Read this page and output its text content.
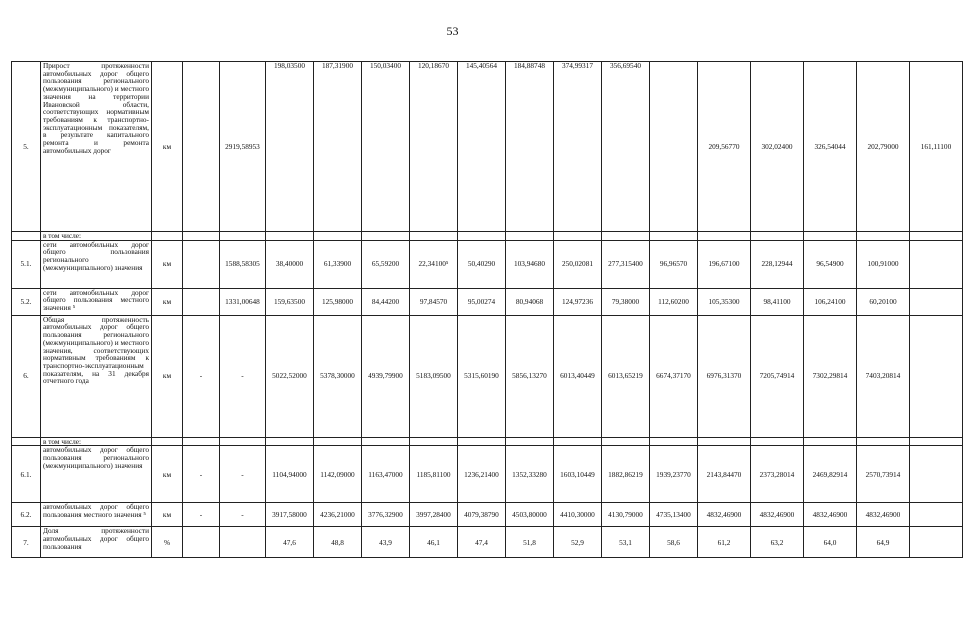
53
5.	Прирост протяженности автомобильных дорог общего пользования регионального (межмуниципального) и местного значения на территории Ивановской области, соответствующих нормативным требованиям к транспортно-эксплуатационным показателям, в результате капитального ремонта и ремонта автомобильных дорог	км		2919,58953	198,03500	187,31900	150,03400	120,18670	145,40564	184,88748	374,99317	356,69540		209,56770	302,02400	326,54044	202,79000	161,11100
	в том числе:																	
5.1.	сети автомобильных дорог общего пользования регионального (межмуниципального) значения	км		1588,58305	38,40000	61,33900	65,59200	22,34100⁵	50,40290	103,94680	250,02081	277,315400	96,96570	196,67100	228,12944	96,54900	100,91000	
5.2.	сети автомобильных дорог общего пользования местного значения ⁵	км		1331,00648	159,63500	125,98000	84,44200	97,84570	95,00274	80,94068	124,97236	79,38000	112,60200	105,35300	98,41100	106,24100	60,20100	
6.	Общая протяженность автомобильных дорог общего пользования регионального (межмуниципального) и местного значения, соответствующих нормативным требованиям к транспортно-эксплуатационным показателям, на 31 декабря отчетного года	км	-	-	5022,52000	5378,30000	4939,79900	5183,09500	5315,60190	5856,13270	6013,40449	6013,65219	6674,37170	6976,31370	7205,74914	7302,29814	7403,20814	
	в том числе:																	
6.1.	автомобильных дорог общего пользования регионального (межмуниципального) значения	км	-	-	1104,94000	1142,09000	1163,47000	1185,81100	1236,21400	1352,33280	1603,10449	1882,86219	1939,23770	2143,84470	2373,28014	2469,82914	2570,73914	
6.2.	автомобильных дорог общего пользования местного значения ⁵	км	-	-	3917,58000	4236,21000	3776,32900	3997,28400	4079,38790	4503,80000	4410,30000	4130,79000	4735,13400	4832,46900	4832,46900	4832,46900	4832,46900	
7.	Доля протяженности автомобильных дорог общего пользования	%			47,6	48,8	43,9	46,1	47,4	51,8	52,9	53,1	58,6	61,2	63,2	64,0	64,9	
